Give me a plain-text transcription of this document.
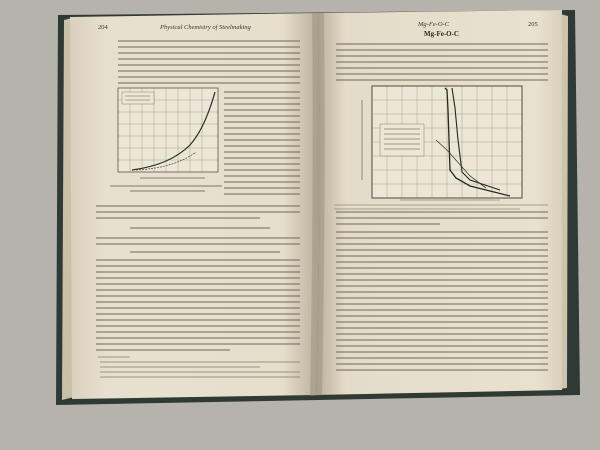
204	Physical Chemistry of Steelmaking	Mg-Fe-O-C	205
Mg-Fe-O-C
